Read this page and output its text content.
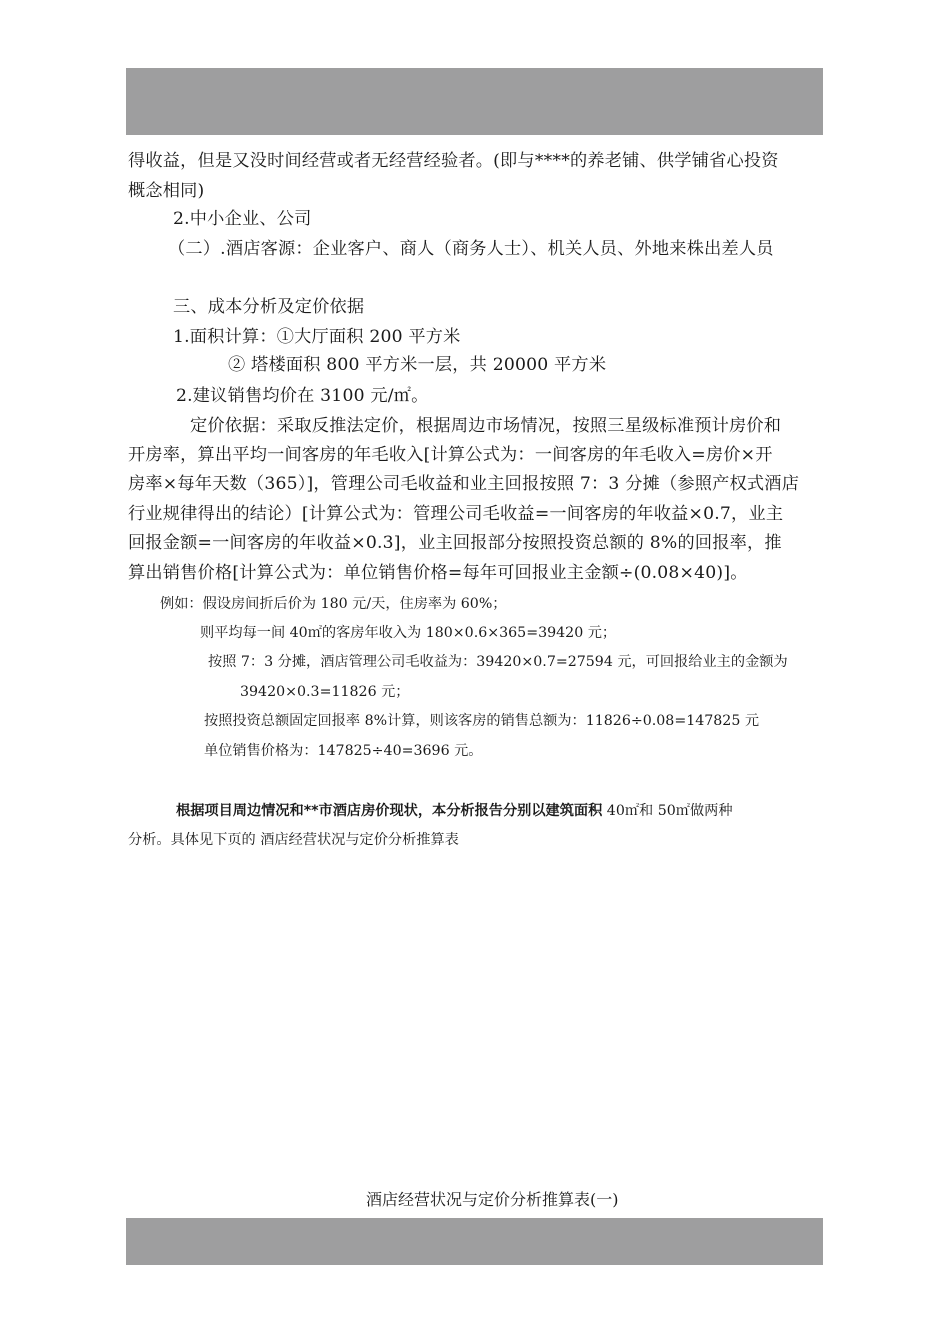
得收益，但是又没时间经营或者无经营经验者。(即与****的养老铺、供学铺省心投资
概念相同)
2.中小企业、公司
（二）.酒店客源：企业客户、商人（商务人士）、机关人员、外地来株出差人员
三、成本分析及定价依据
1.面积计算：①大厅面积 200 平方米
② 塔楼面积 800 平方米一层，共 20000 平方米
2.建议销售均价在 3100 元/㎡。
定价依据：采取反推法定价，根据周边市场情况，按照三星级标准预计房价和
开房率，算出平均一间客房的年毛收入[计算公式为：一间客房的年毛收入=房价×开
房率×每年天数（365）]，管理公司毛收益和业主回报按照 7：3 分摊（参照产权式酒店
行业规律得出的结论）[计算公式为：管理公司毛收益=一间客房的年收益×0.7，业主
回报金额=一间客房的年收益×0.3]，业主回报部分按照投资总额的 8%的回报率，推
算出销售价格[计算公式为：单位销售价格=每年可回报业主金额÷(0.08×40)]。
例如：假设房间折后价为 180 元/天，住房率为 60%；
则平均每一间 40㎡的客房年收入为 180×0.6×365=39420 元；
按照 7：3 分摊，酒店管理公司毛收益为：39420×0.7=27594 元，可回报给业主的金额为
39420×0.3=11826 元；
按照投资总额固定回报率 8%计算，则该客房的销售总额为：11826÷0.08=147825 元
单位销售价格为：147825÷40=3696 元。
根据项目周边情况和**市酒店房价现状，本分析报告分别以建筑面积 40㎡和 50㎡做两种
分析。具体见下页的 酒店经营状况与定价分析推算表
酒店经营状况与定价分析推算表(一)
